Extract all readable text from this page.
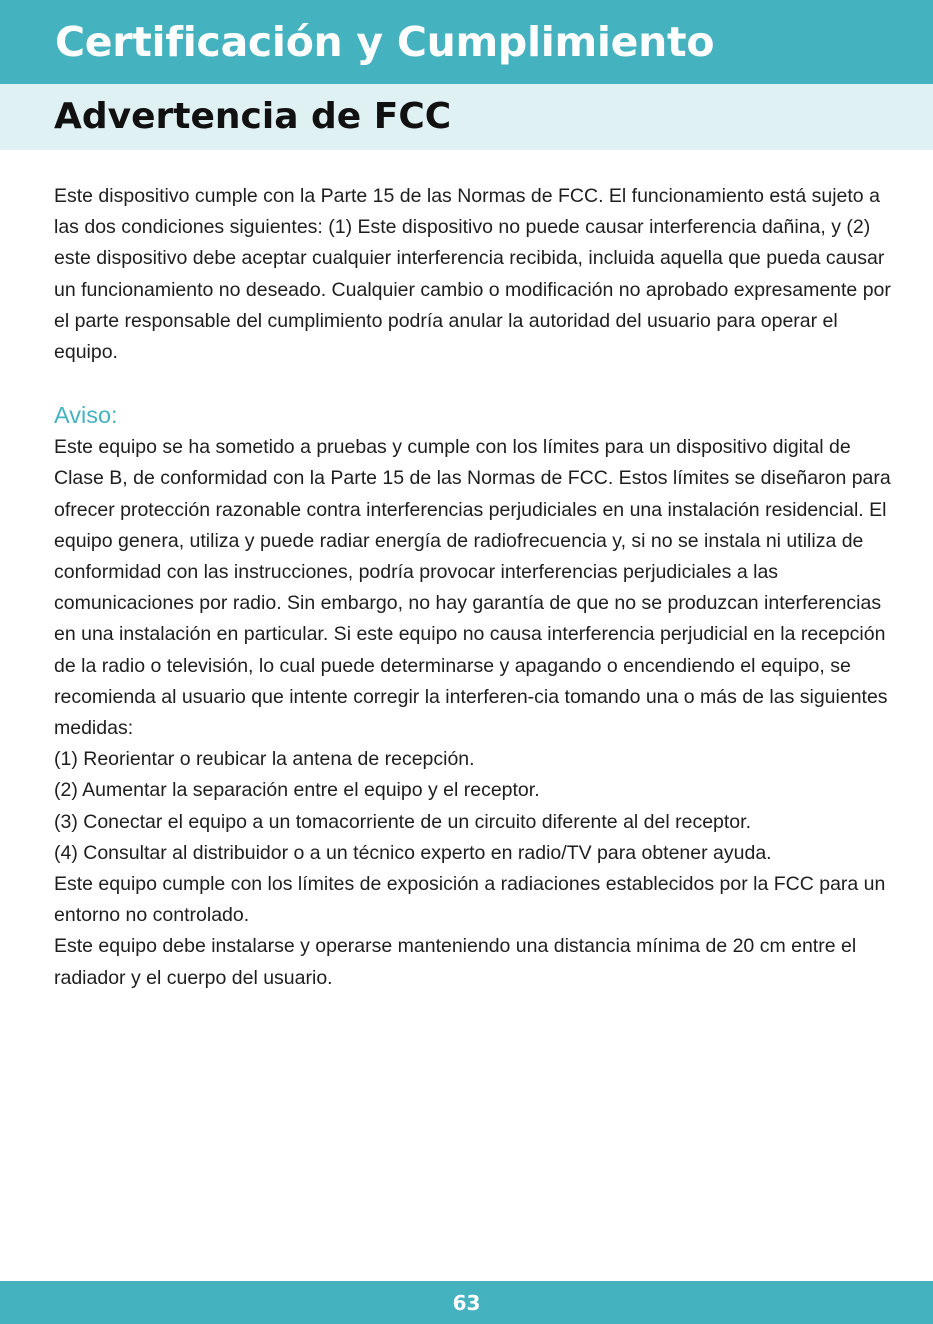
Certificación y Cumplimiento
Advertencia de FCC

Este dispositivo cumple con la Parte 15 de las Normas de FCC. El funcionamiento está sujeto a las dos condiciones siguientes: (1) Este dispositivo no puede causar interferencia dañina, y (2) este dispositivo debe aceptar cualquier interferencia recibida, incluida aquella que pueda causar un funcionamiento no deseado. Cualquier cambio o modificación no aprobado expresamente por el parte responsable del cumplimiento podría anular la autoridad del usuario para operar el equipo.

Aviso:

Este equipo se ha sometido a pruebas y cumple con los límites para un dispositivo digital de Clase B, de conformidad con la Parte 15 de las Normas de FCC. Estos límites se diseñaron para ofrecer protección razonable contra interferencias perjudiciales en una instalación residencial. El equipo genera, utiliza y puede radiar energía de radiofrecuencia y, si no se instala ni utiliza de conformidad con las instrucciones, podría provocar interferencias perjudiciales a las comunicaciones por radio. Sin embargo, no hay garantía de que no se produzcan interferencias en una instalación en particular. Si este equipo no causa interferencia perjudicial en la recepción de la radio o televisión, lo cual puede determinarse y apagando o encendiendo el equipo, se recomienda al usuario que intente corregir la interferen-cia tomando una o más de las siguientes medidas:

(1) Reorientar o reubicar la antena de recepción.

(2) Aumentar la separación entre el equipo y el receptor.

(3) Conectar el equipo a un tomacorriente de un circuito diferente al del receptor.

(4) Consultar al distribuidor o a un técnico experto en radio/TV para obtener ayuda.

Este equipo cumple con los límites de exposición a radiaciones establecidos por la FCC para un entorno no controlado.

Este equipo debe instalarse y operarse manteniendo una distancia mínima de 20 cm entre el radiador y el cuerpo del usuario.

63
